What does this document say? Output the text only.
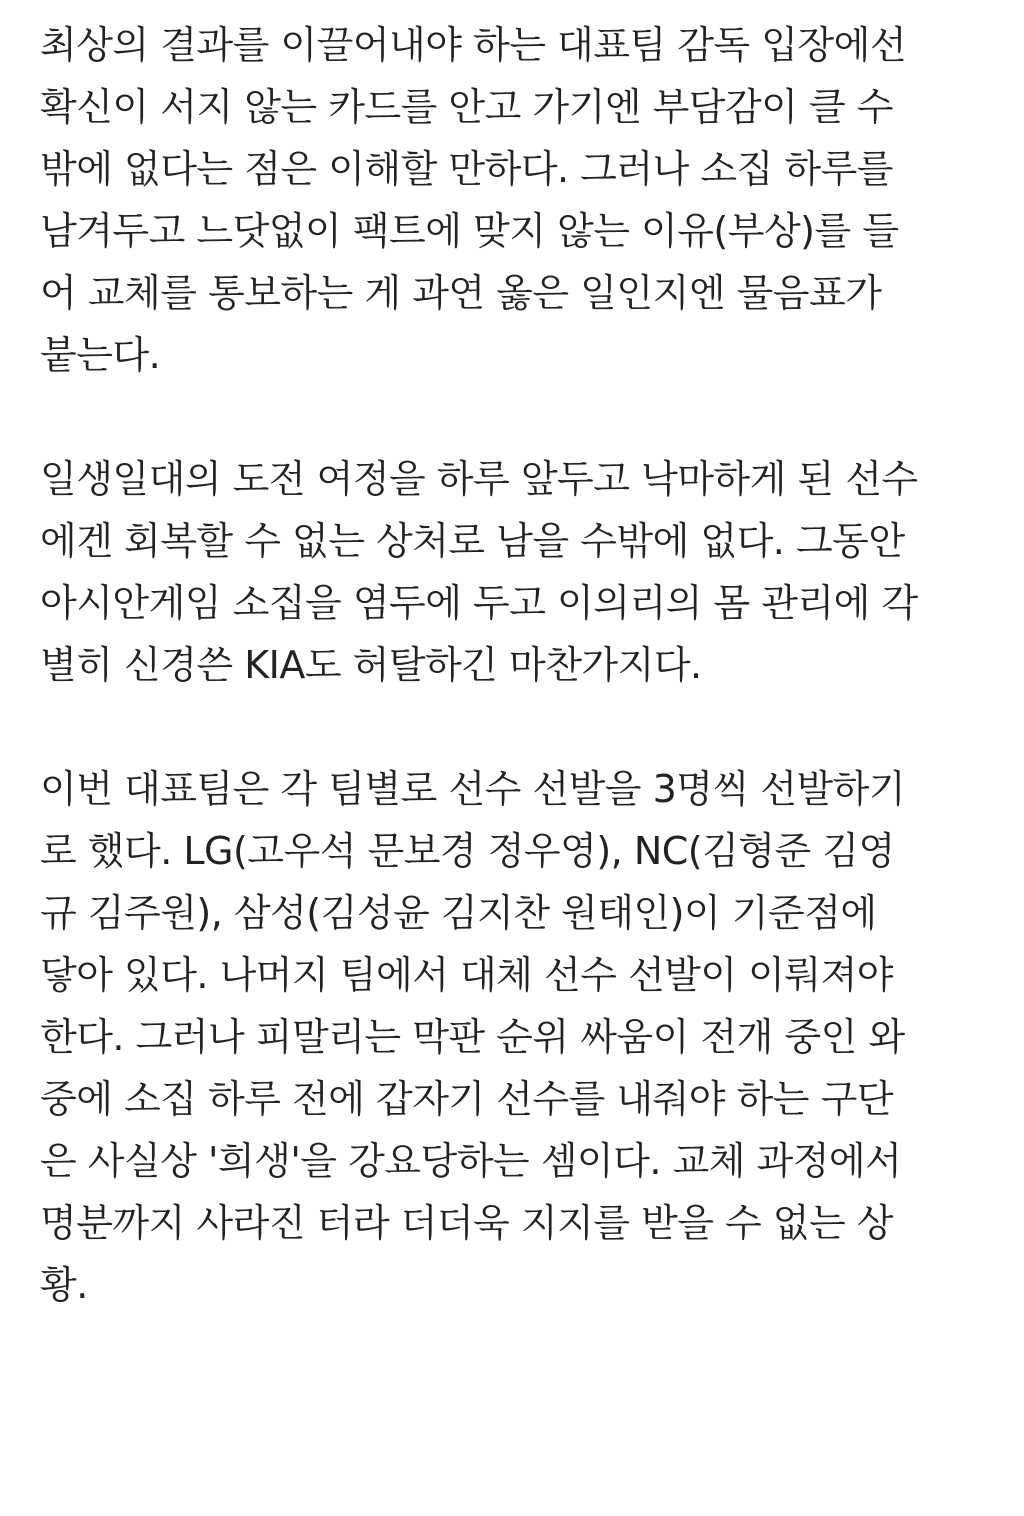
최상의 결과를 이끌어내야 하는 대표팀 감독 입장에선
확신이 서지 않는 카드를 안고 가기엔 부담감이 클 수
밖에 없다는 점은 이해할 만하다. 그러나 소집 하루를
남겨두고 느닷없이 팩트에 맞지 않는 이유(부상)를 들
어 교체를 통보하는 게 과연 옳은 일인지엔 물음표가
붙는다.

일생일대의 도전 여정을 하루 앞두고 낙마하게 된 선수
에겐 회복할 수 없는 상처로 남을 수밖에 없다. 그동안
아시안게임 소집을 염두에 두고 이의리의 몸 관리에 각
별히 신경쓴 KIA도 허탈하긴 마찬가지다.

이번 대표팀은 각 팀별로 선수 선발을 3명씩 선발하기
로 했다. LG(고우석 문보경 정우영), NC(김형준 김영
규 김주원), 삼성(김성윤 김지찬 원태인)이 기준점에
닿아 있다. 나머지 팀에서 대체 선수 선발이 이뤄져야
한다. 그러나 피말리는 막판 순위 싸움이 전개 중인 와
중에 소집 하루 전에 갑자기 선수를 내줘야 하는 구단
은 사실상 '희생'을 강요당하는 셈이다. 교체 과정에서
명분까지 사라진 터라 더더욱 지지를 받을 수 없는 상
황.
